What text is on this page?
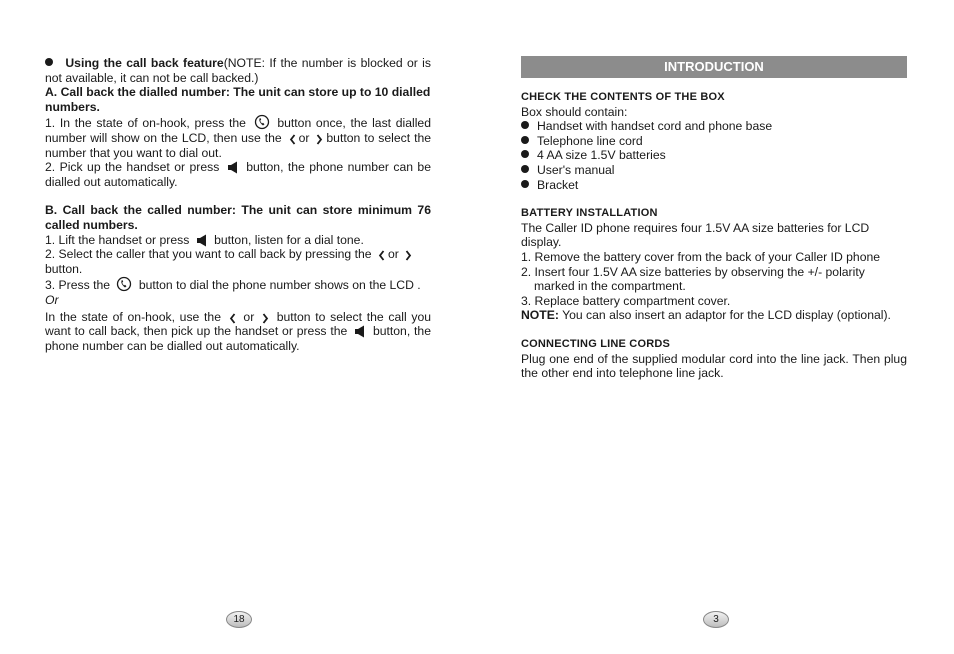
Using the call back feature(NOTE: If the number is blocked or is not available, it can not be call backed.)

A. Call back the dialled number: The unit can store up to 10 dialled numbers.

1. In the state of on-hook, press the	button once, the last dialled number will show on the LCD, then use the or button to select the number that you want to dial out.

2. Pick up the handset or press button, the phone number can be dialled out automatically.

B. Call back the called number: The unit can store minimum 76 called numbers.

1. Lift the handset or press button, listen for a dial tone.

2. Select the caller that you want to call back by pressing the or
button.

3. Press the button to dial the phone number shows on the LCD .

Or

In the state of on-hook, use the or button to select the call you want to call back, then pick up the handset or press the button, the phone number can be dialled out automatically.

INTRODUCTION

CHECK THE CONTENTS OF THE BOX

Box should contain:

Handset with handset cord and phone base
Telephone line cord
4 AA size 1.5V batteries
User's manual
Bracket

BATTERY INSTALLATION

The Caller ID phone requires four 1.5V AA size batteries for LCD display.

1. Remove the battery cover from the back of your Caller ID phone

2. Insert four 1.5V AA size batteries by observing the +/- polarity

marked in the compartment.

3. Replace battery compartment cover.

NOTE: You can also insert an adaptor for the LCD display (optional).

CONNECTING LINE CORDS

Plug one end of the supplied modular cord into the line jack. Then plug the other end into telephone line jack.

18	3
